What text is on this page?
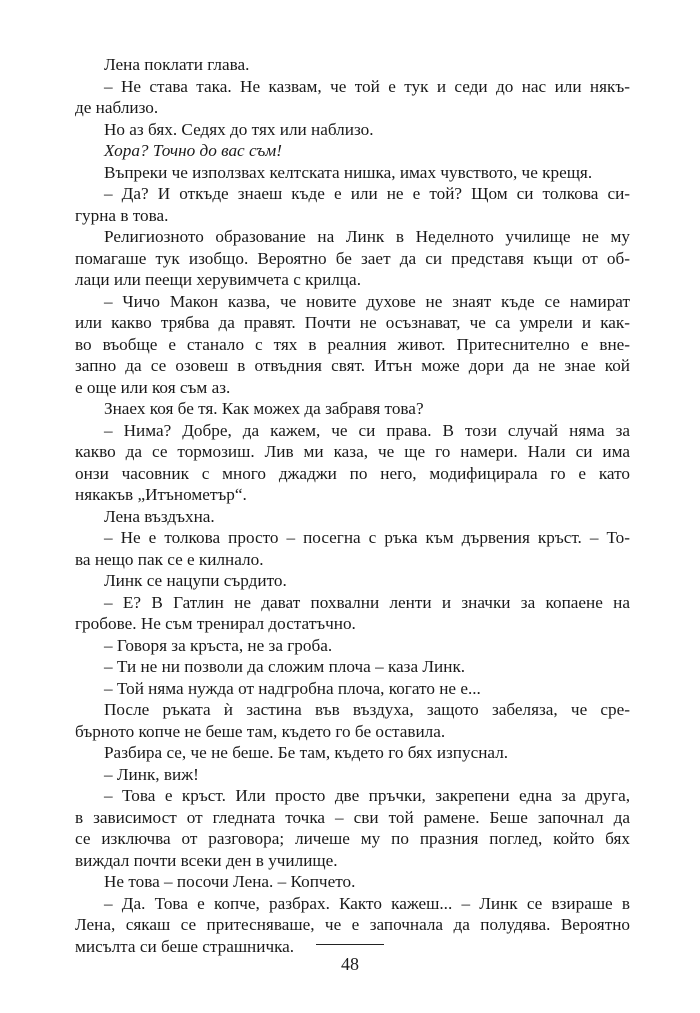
Лена поклати глава.
– Не става така. Не казвам, че той е тук и седи до нас или някъ-
де наблизо.
Но аз бях. Седях до тях или наблизо.
Хора? Точно до вас съм!
Въпреки че използвах келтската нишка, имах чувството, че крещя.
– Да? И откъде знаеш къде е или не е той? Щом си толкова си-
гурна в това.
Религиозното образование на Линк в Неделното училище не му
помагаше тук изобщо. Вероятно бе зает да си представя къщи от об-
лаци или пеещи херувимчета с крилца.
– Чичо Макон казва, че новите духове не знаят къде се намират
или какво трябва да правят. Почти не осъзнават, че са умрели и как-
во въобще е станало с тях в реалния живот. Притеснително е вне-
запно да се озовеш в отвъдния свят. Итън може дори да не знае кой
е още или коя съм аз.
Знаех коя бе тя. Как можех да забравя това?
– Нима? Добре, да кажем, че си права. В този случай няма за
какво да се тормозиш. Лив ми каза, че ще го намери. Нали си има
онзи часовник с много джаджи по него, модифицирала го е като
някакъв „Итънометър“.
Лена въздъхна.
– Не е толкова просто – посегна с ръка към дървения кръст. – То-
ва нещо пак се е килнало.
Линк се нацупи сърдито.
– Е? В Гатлин не дават похвални ленти и значки за копаене на
гробове. Не съм тренирал достатъчно.
– Говоря за кръста, не за гроба.
– Ти не ни позволи да сложим плоча – каза Линк.
– Той няма нужда от надгробна плоча, когато не е...
После ръката ѝ застина във въздуха, защото забеляза, че сре-
бърното копче не беше там, където го бе оставила.
Разбира се, че не беше. Бе там, където го бях изпуснал.
– Линк, виж!
– Това е кръст. Или просто две пръчки, закрепени една за друга,
в зависимост от гледната точка – сви той рамене. Беше започнал да
се изключва от разговора; личеше му по празния поглед, който бях
виждал почти всеки ден в училище.
Не това – посочи Лена. – Копчето.
– Да. Това е копче, разбрах. Както кажеш... – Линк се взираше в
Лена, сякаш се притесняваше, че е започнала да полудява. Вероятно
мисълта си беше страшничка.
48
